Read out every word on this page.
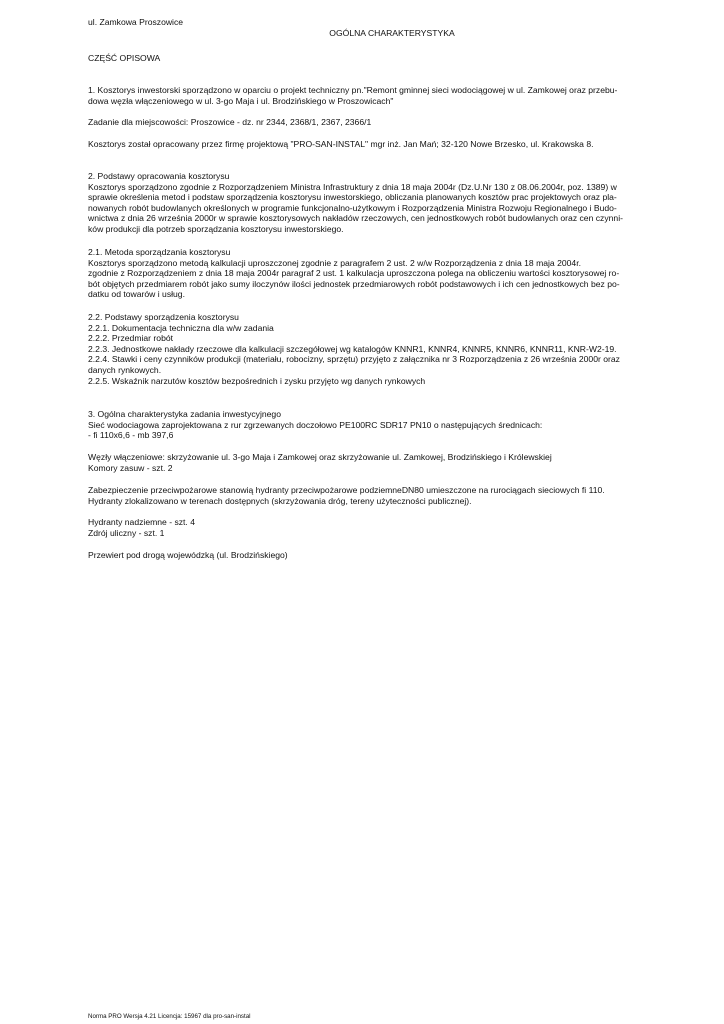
ul. Zamkowa Proszowice
OGÓLNA CHARAKTERYSTYKA
CZĘŚĆ OPISOWA
1. Kosztorys inwestorski sporządzono w oparciu o projekt techniczny pn."Remont gminnej sieci wodociągowej w ul. Zamkowej oraz przebu-
dowa węzła włączeniowego w ul. 3-go Maja i ul. Brodzińskiego w Proszowicach"
Zadanie dla miejscowości: Proszowice - dz. nr 2344, 2368/1, 2367, 2366/1
Kosztorys został opracowany przez firmę projektową "PRO-SAN-INSTAL" mgr inż. Jan Mań; 32-120 Nowe Brzesko, ul. Krakowska 8.
2. Podstawy opracowania kosztorysu
Kosztorys sporządzono zgodnie z Rozporządzeniem Ministra Infrastruktury z dnia 18 maja 2004r (Dz.U.Nr 130 z 08.06.2004r, poz. 1389) w
sprawie określenia metod i podstaw sporządzenia kosztorysu inwestorskiego, obliczania planowanych kosztów prac projektowych oraz pla-
nowanych robót budowlanych określonych w programie funkcjonalno-użytkowym i Rozporządzenia Ministra Rozwoju Regionalnego i Budo-
wnictwa z dnia 26 września 2000r w sprawie kosztorysowych nakładów rzeczowych, cen jednostkowych robót budowlanych oraz cen czynni-
ków produkcji dla potrzeb sporządzania kosztorysu inwestorskiego.
2.1. Metoda sporządzania kosztorysu
Kosztorys sporządzono metodą kalkulacji uproszczonej zgodnie z paragrafem 2 ust. 2 w/w Rozporządzenia z dnia 18 maja 2004r.
zgodnie z Rozporządzeniem z dnia 18 maja 2004r paragraf 2 ust. 1 kalkulacja uproszczona polega na obliczeniu wartości kosztorysowej ro-
bót objętych przedmiarem robót jako sumy iloczynów ilości jednostek przedmiarowych robót podstawowych i ich cen jednostkowych bez po-
datku od towarów i usług.
2.2. Podstawy sporządzenia kosztorysu
2.2.1. Dokumentacja techniczna dla w/w zadania
2.2.2. Przedmiar robót
2.2.3. Jednostkowe nakłady rzeczowe dla kalkulacji szczegółowej wg katalogów KNNR1, KNNR4, KNNR5, KNNR6, KNNR11, KNR-W2-19.
2.2.4. Stawki i ceny czynników produkcji (materiału, robocizny, sprzętu) przyjęto z załącznika nr 3 Rozporządzenia z 26 września 2000r oraz
danych rynkowych.
2.2.5. Wskaźnik narzutów kosztów bezpośrednich i zysku przyjęto wg danych rynkowych
3. Ogólna charakterystyka zadania inwestycyjnego
Sieć wodociagowa zaprojektowana z rur zgrzewanych doczołowo PE100RC SDR17 PN10 o następujących średnicach:
- fi 110x6,6 - mb 397,6
Węzły włączeniowe: skrzyżowanie ul. 3-go Maja i Zamkowej oraz skrzyżowanie ul. Zamkowej, Brodzińskiego i Królewskiej
Komory zasuw - szt. 2
Zabezpieczenie przeciwpożarowe stanowią hydranty przeciwpożarowe podziemneDN80 umieszczone na rurociągach sieciowych fi 110.
Hydranty zlokalizowano w terenach dostępnych (skrzyżowania dróg, tereny użyteczności publicznej).
Hydranty nadziemne - szt. 4
Zdrój uliczny - szt. 1
Przewiert pod drogą wojewódzką (ul. Brodzińskiego)
Norma PRO Wersja 4.21 Licencja: 15967 dla pro-san-instal
